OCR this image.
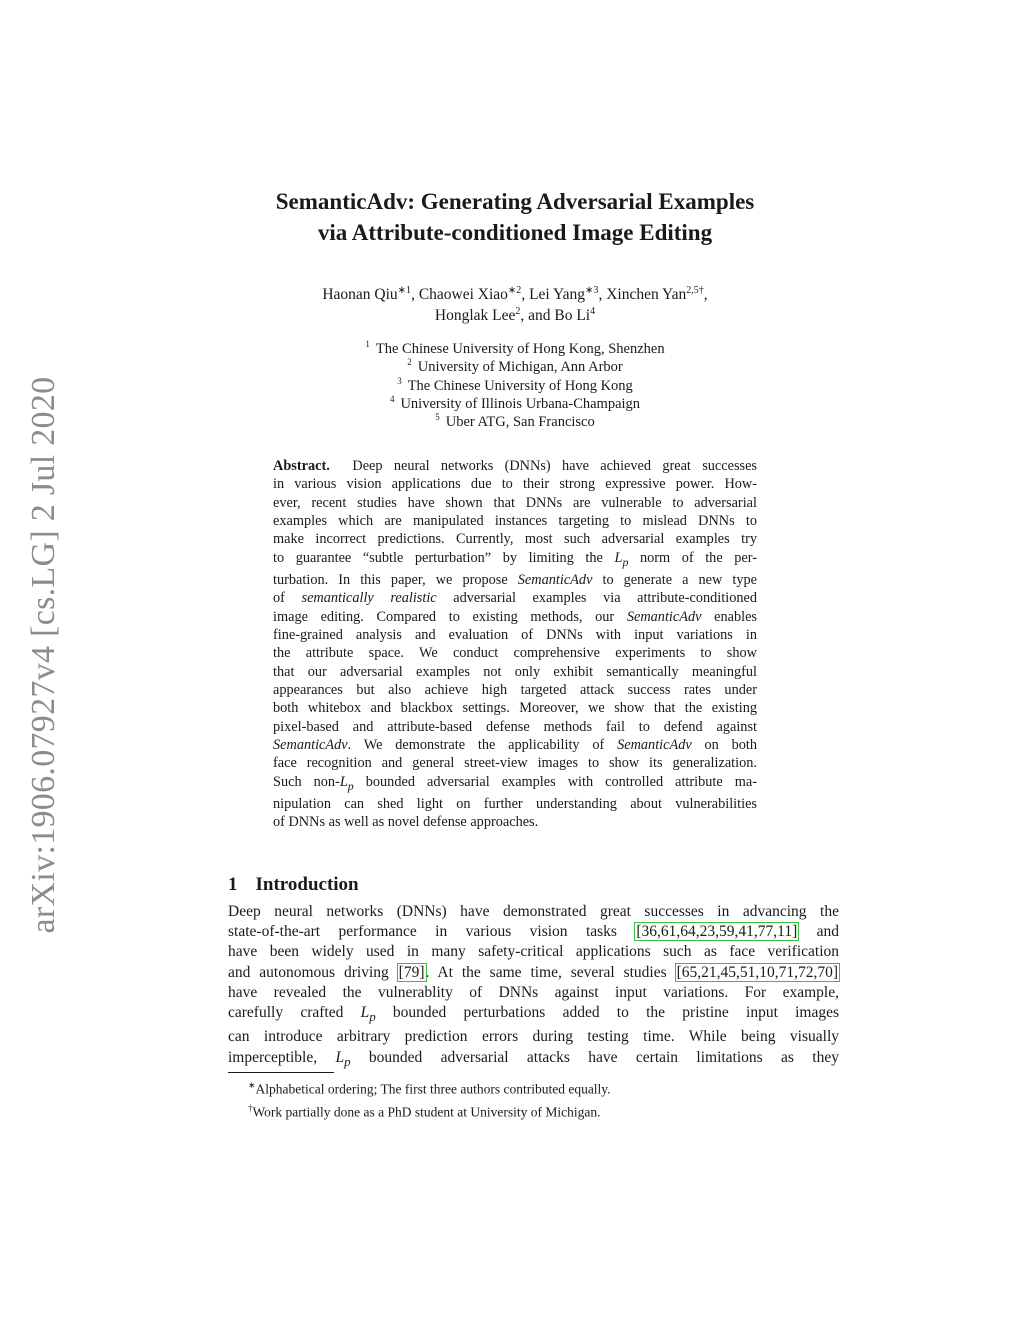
arXiv:1906.07927v4 [cs.LG] 2 Jul 2020
SemanticAdv: Generating Adversarial Examples
via Attribute-conditioned Image Editing
Haonan Qiu$^{∗1}$, Chaowei Xiao$^{∗2}$, Lei Yang$^{∗3}$, Xinchen Yan$^{2,5\dagger}$,
Honglak Lee$^2$, and Bo Li$^4$
$^1$ The Chinese University of Hong Kong, Shenzhen
$^2$ University of Michigan, Ann Arbor
$^3$ The Chinese University of Hong Kong
$^4$ University of Illinois Urbana-Champaign
$^5$ Uber ATG, San Francisco
Abstract. Deep neural networks (DNNs) have achieved great successes
in various vision applications due to their strong expressive power. How-
ever, recent studies have shown that DNNs are vulnerable to adversarial
examples which are manipulated instances targeting to mislead DNNs to
make incorrect predictions. Currently, most such adversarial examples try
to guarantee “subtle perturbation” by limiting the $L_p$ norm of the per-
turbation. In this paper, we propose SemanticAdv to generate a new type
of semantically realistic adversarial examples via attribute-conditioned
image editing. Compared to existing methods, our SemanticAdv enables
fine-grained analysis and evaluation of DNNs with input variations in
the attribute space. We conduct comprehensive experiments to show
that our adversarial examples not only exhibit semantically meaningful
appearances but also achieve high targeted attack success rates under
both whitebox and blackbox settings. Moreover, we show that the existing
pixel-based and attribute-based defense methods fail to defend against
SemanticAdv. We demonstrate the applicability of SemanticAdv on both
face recognition and general street-view images to show its generalization.
Such non-$L_p$ bounded adversarial examples with controlled attribute ma-
nipulation can shed light on further understanding about vulnerabilities
of DNNs as well as novel defense approaches.
1 Introduction
Deep neural networks (DNNs) have demonstrated great successes in advancing the
state-of-the-art performance in various vision tasks [36,61,64,23,59,41,77,11] and
have been widely used in many safety-critical applications such as face verification
and autonomous driving [79]. At the same time, several studies [65,21,45,51,10,71,72,70]
have revealed the vulnerablity of DNNs against input variations. For example,
carefully crafted $L_p$ bounded perturbations added to the pristine input images
can introduce arbitrary prediction errors during testing time. While being visually
imperceptible, $L_p$ bounded adversarial attacks have certain limitations as they
∗Alphabetical ordering; The first three authors contributed equally.
†Work partially done as a PhD student at University of Michigan.
